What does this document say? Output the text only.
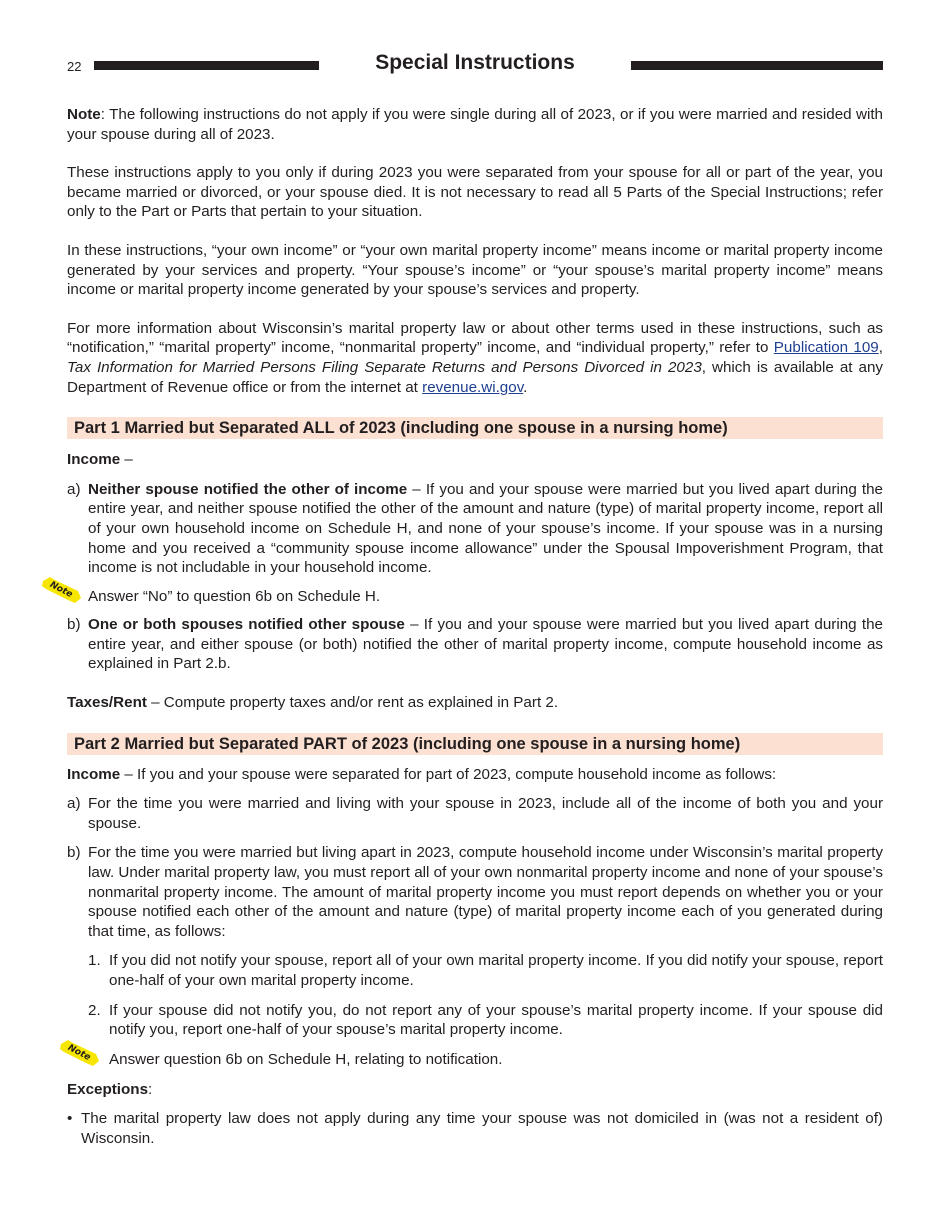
22	Special Instructions

Note: The following instructions do not apply if you were single during all of 2023, or if you were married and resided with your spouse during all of 2023.

These instructions apply to you only if during 2023 you were separated from your spouse for all or part of the year, you became married or divorced, or your spouse died. It is not necessary to read all 5 Parts of the Special Instructions; refer only to the Part or Parts that pertain to your situation.

In these instructions, “your own income” or “your own marital property income” means income or marital property income generated by your services and property. “Your spouse’s income” or “your spouse’s marital property income” means income or marital property income generated by your spouse’s services and property.

For more information about Wisconsin’s marital property law or about other terms used in these instructions, such as “notification,” “marital property” income, “nonmarital property” income, and “individual property,” refer to Publication 109, Tax Information for Married Persons Filing Separate Returns and Persons Divorced in 2023, which is available at any Department of Revenue office or from the internet at revenue.wi.gov.

Part 1 Married but Separated ALL of 2023 (including one spouse in a nursing home)

Income –

a) Neither spouse notified the other of income – If you and your spouse were married but you lived apart during the entire year, and neither spouse notified the other of the amount and nature (type) of marital property income, report all of your own household income on Schedule H, and none of your spouse’s income. If your spouse was in a nursing home and you received a “community spouse income allowance” under the Spousal Impoverishment Program, that income is not includable in your household income.
Note Answer “No” to question 6b on Schedule H.
b) One or both spouses notified other spouse – If you and your spouse were married but you lived apart during the entire year, and either spouse (or both) notified the other of marital property income, compute household income as explained in Part 2.b.

Taxes/Rent – Compute property taxes and/or rent as explained in Part 2.

Part 2 Married but Separated PART of 2023 (including one spouse in a nursing home)

Income – If you and your spouse were separated for part of 2023, compute household income as follows:

a) For the time you were married and living with your spouse in 2023, include all of the income of both you and your spouse.
b) For the time you were married but living apart in 2023, compute household income under Wisconsin’s marital property law. Under marital property law, you must report all of your own nonmarital property income and none of your spouse’s nonmarital property income. The amount of marital property income you must report depends on whether you or your spouse notified each other of the amount and nature (type) of marital property income each of you generated during that time, as follows:
1. If you did not notify your spouse, report all of your own marital property income. If you did notify your spouse, report one-half of your own marital property income.
2. If your spouse did not notify you, do not report any of your spouse’s marital property income. If your spouse did notify you, report one-half of your spouse’s marital property income.
Note Answer question 6b on Schedule H, relating to notification.

Exceptions:

• The marital property law does not apply during any time your spouse was not domiciled in (was not a resident of) Wisconsin.
